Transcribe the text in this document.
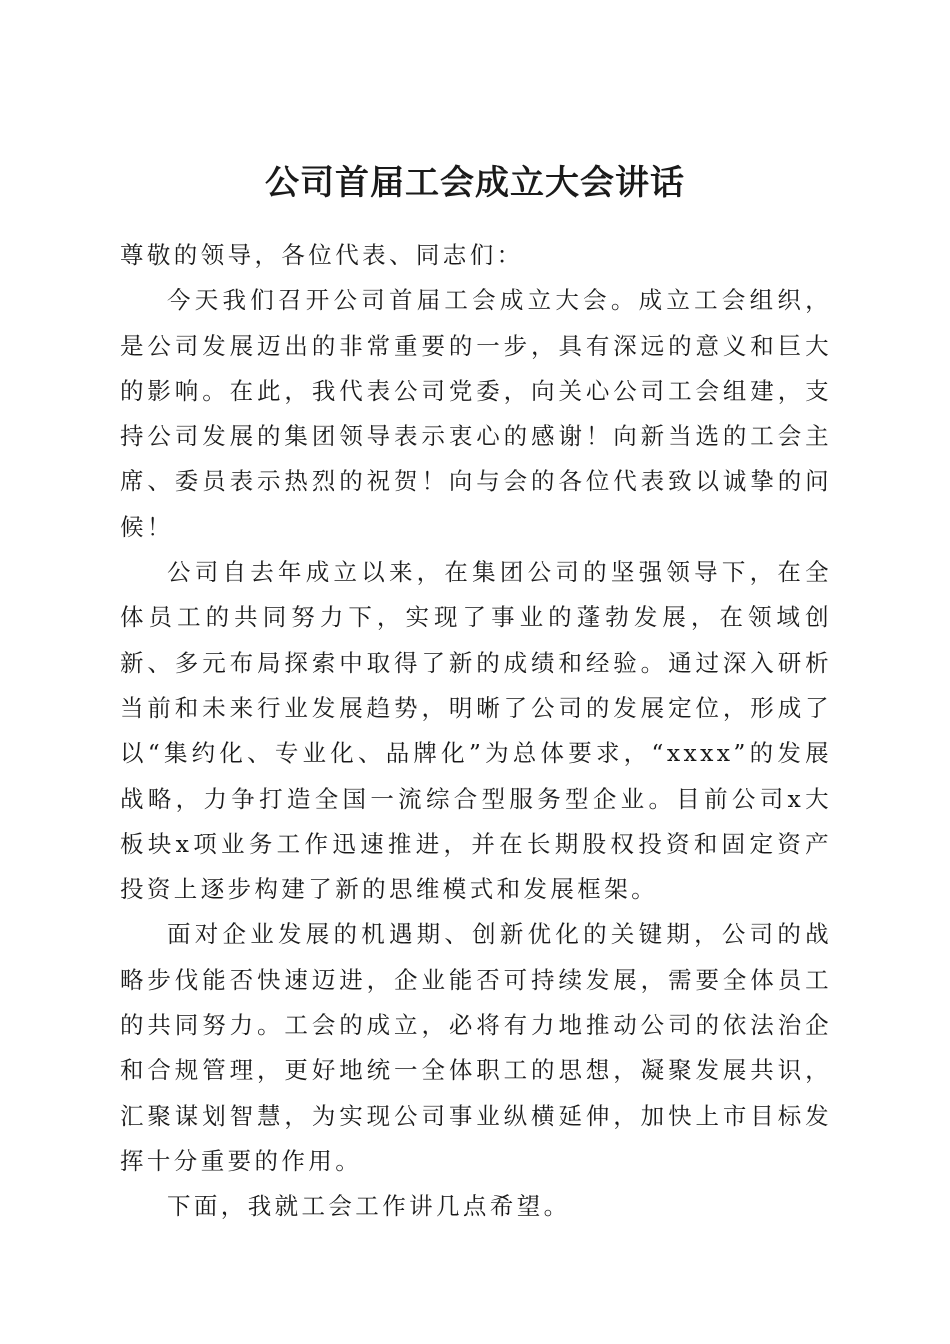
公司首届工会成立大会讲话

尊敬的领导，各位代表、同志们：

今天我们召开公司首届工会成立大会。成立工会组织，是公司发展迈出的非常重要的一步，具有深远的意义和巨大的影响。在此，我代表公司党委，向关心公司工会组建，支持公司发展的集团领导表示衷心的感谢！向新当选的工会主席、委员表示热烈的祝贺！向与会的各位代表致以诚挚的问候！

公司自去年成立以来，在集团公司的坚强领导下，在全体员工的共同努力下，实现了事业的蓬勃发展，在领域创新、多元布局探索中取得了新的成绩和经验。通过深入研析当前和未来行业发展趋势，明晰了公司的发展定位，形成了以“集约化、专业化、品牌化”为总体要求，“xxxx”的发展战略，力争打造全国一流综合型服务型企业。目前公司x大板块x项业务工作迅速推进，并在长期股权投资和固定资产投资上逐步构建了新的思维模式和发展框架。

面对企业发展的机遇期、创新优化的关键期，公司的战略步伐能否快速迈进，企业能否可持续发展，需要全体员工的共同努力。工会的成立，必将有力地推动公司的依法治企和合规管理，更好地统一全体职工的思想，凝聚发展共识，汇聚谋划智慧，为实现公司事业纵横延伸，加快上市目标发挥十分重要的作用。

下面，我就工会工作讲几点希望。
